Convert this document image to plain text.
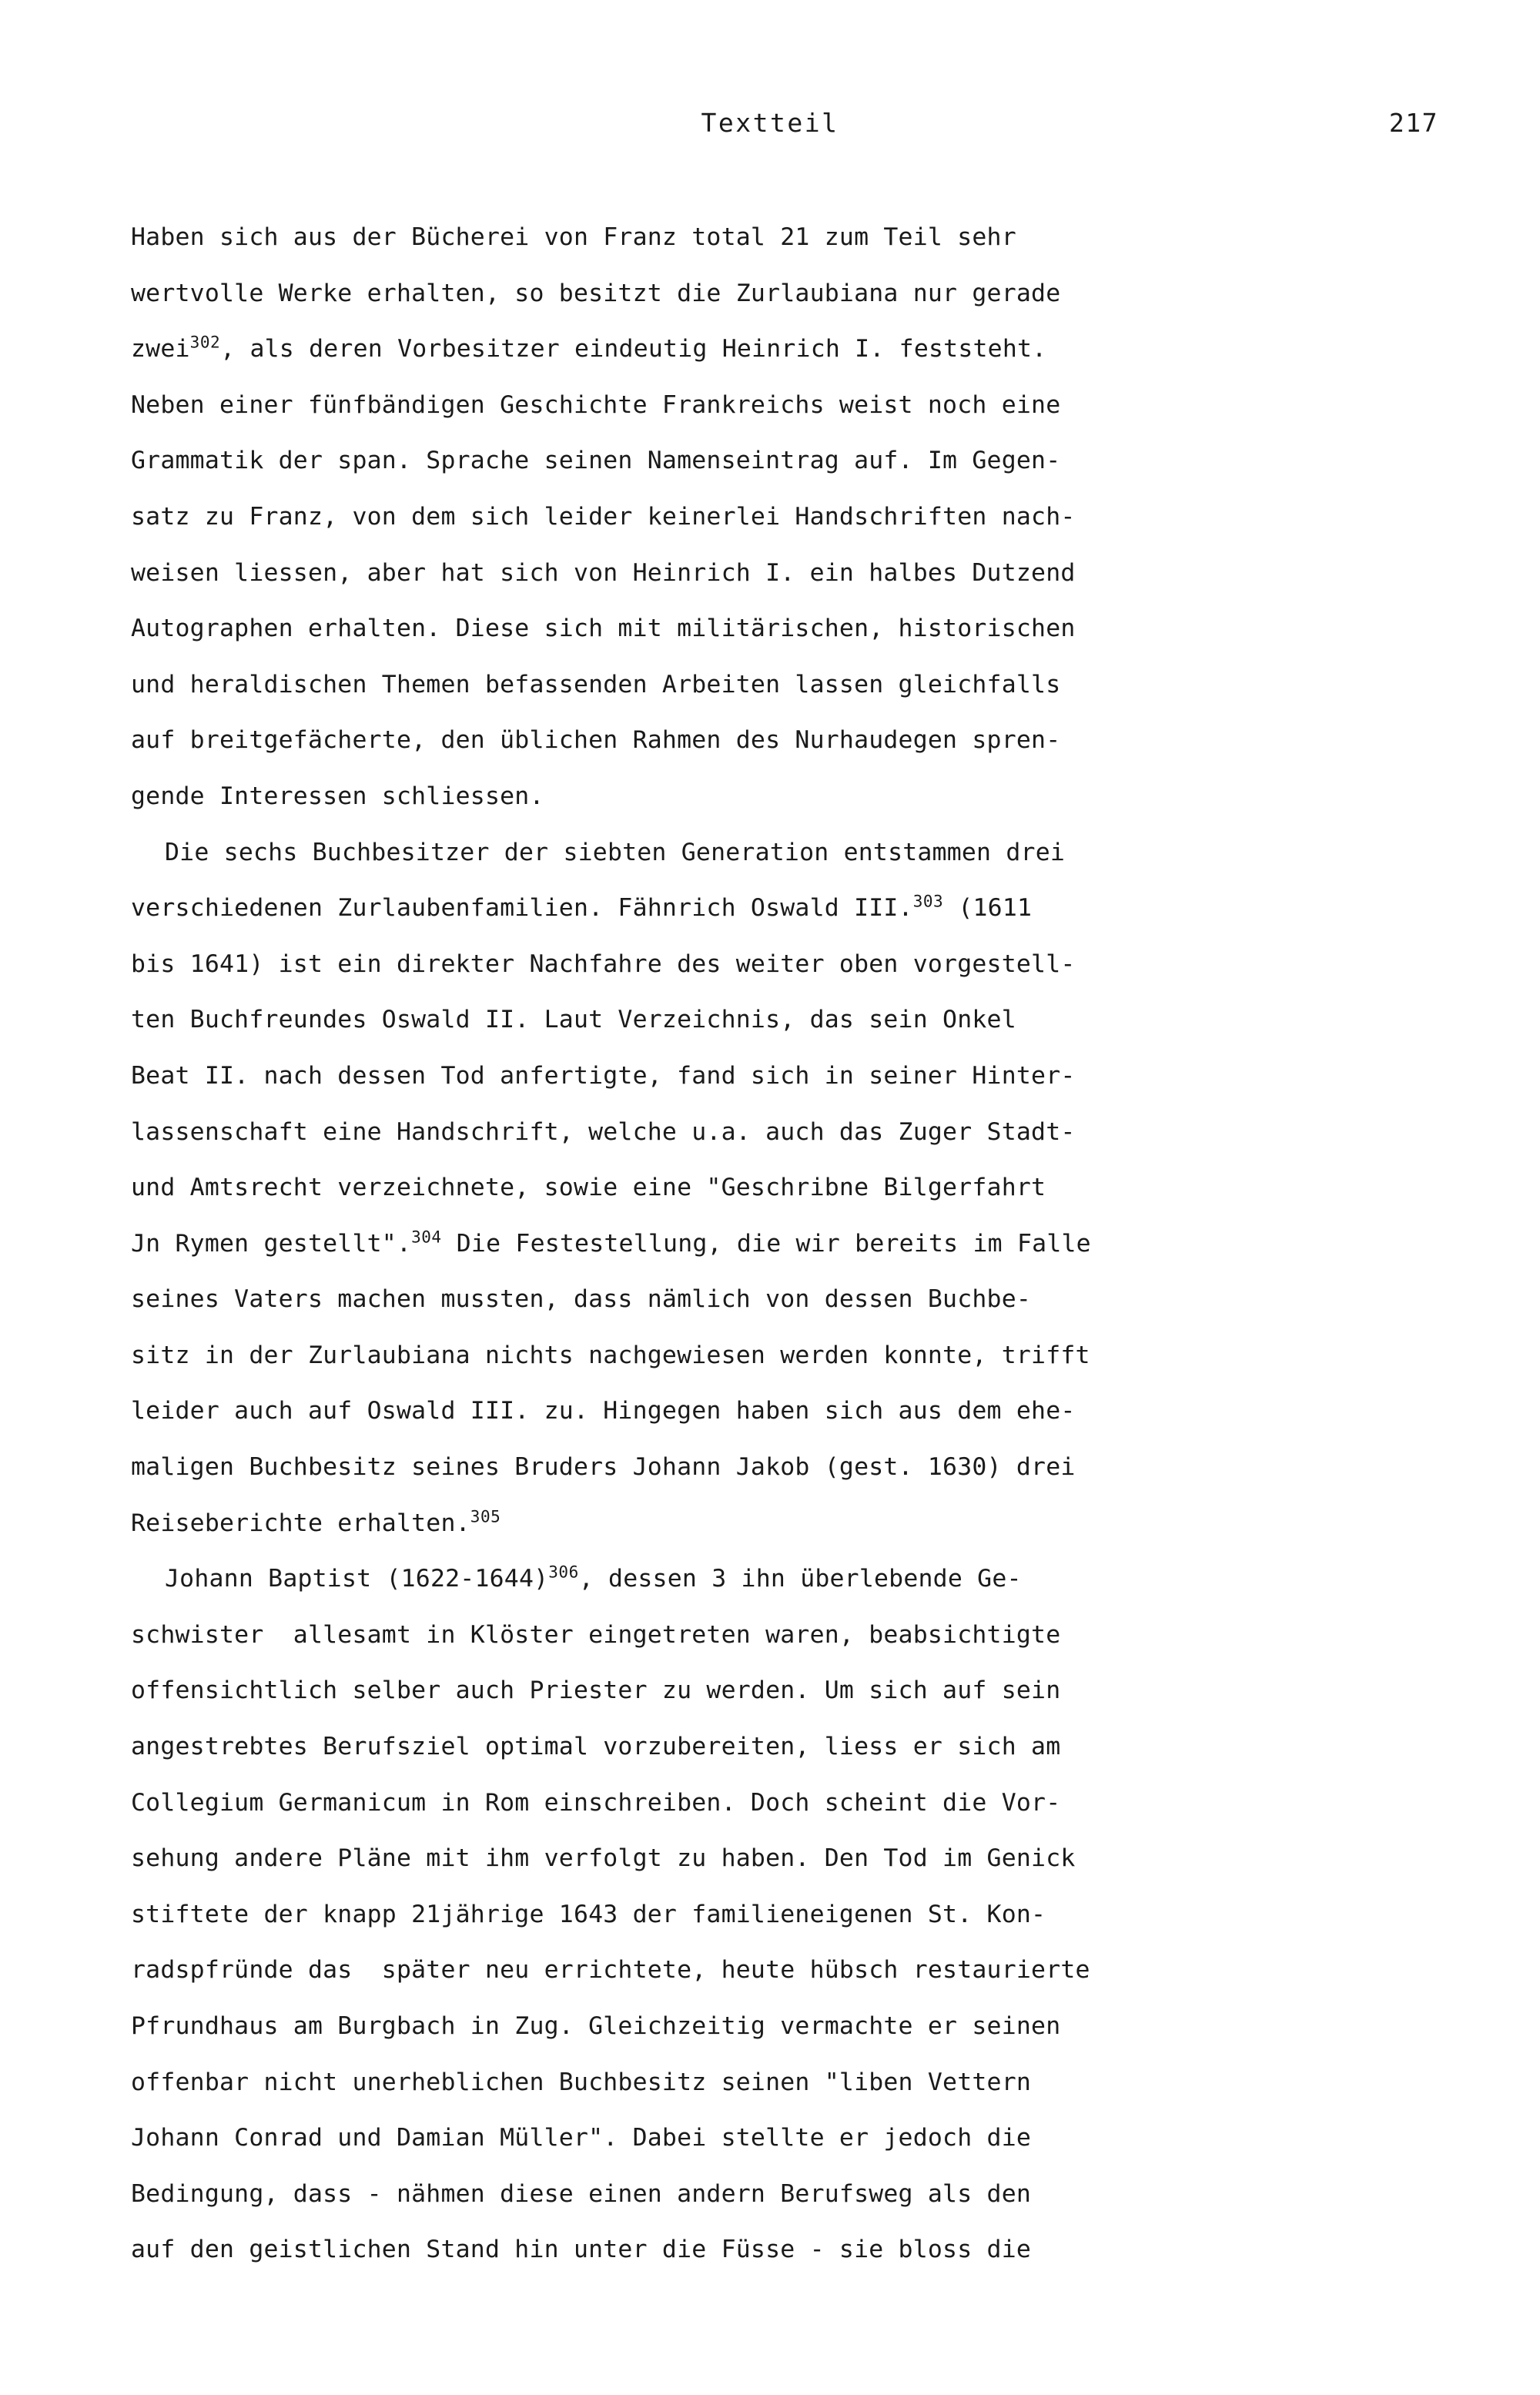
Textteil	217
Haben sich aus der Bücherei von Franz total 21 zum Teil sehr
wertvolle Werke erhalten, so besitzt die Zurlaubiana nur gerade
zwei$^{302}$, als deren Vorbesitzer eindeutig Heinrich I. feststeht.
Neben einer fünfbändigen Geschichte Frankreichs weist noch eine
Grammatik der span. Sprache seinen Namenseintrag auf. Im Gegen-
satz zu Franz, von dem sich leider keinerlei Handschriften nach-
weisen liessen, aber hat sich von Heinrich I. ein halbes Dutzend
Autographen erhalten. Diese sich mit militärischen, historischen
und heraldischen Themen befassenden Arbeiten lassen gleichfalls
auf breitgefächerte, den üblichen Rahmen des Nurhaudegen spren-
gende Interessen schliessen.
Die sechs Buchbesitzer der siebten Generation entstammen drei
verschiedenen Zurlaubenfamilien. Fähnrich Oswald III.$^{303}$ (1611
bis 1641) ist ein direkter Nachfahre des weiter oben vorgestell-
ten Buchfreundes Oswald II. Laut Verzeichnis, das sein Onkel
Beat II. nach dessen Tod anfertigte, fand sich in seiner Hinter-
lassenschaft eine Handschrift, welche u.a. auch das Zuger Stadt-
und Amtsrecht verzeichnete, sowie eine "Geschribne Bilgerfahrt
Jn Rymen gestellt".$^{304}$ Die Festestellung, die wir bereits im Falle
seines Vaters machen mussten, dass nämlich von dessen Buchbe-
sitz in der Zurlaubiana nichts nachgewiesen werden konnte, trifft
leider auch auf Oswald III. zu. Hingegen haben sich aus dem ehe-
maligen Buchbesitz seines Bruders Johann Jakob (gest. 1630) drei
Reiseberichte erhalten.$^{305}$
Johann Baptist (1622-1644)$^{306}$, dessen 3 ihn überlebende Ge-
schwister  allesamt in Klöster eingetreten waren, beabsichtigte
offensichtlich selber auch Priester zu werden. Um sich auf sein
angestrebtes Berufsziel optimal vorzubereiten, liess er sich am
Collegium Germanicum in Rom einschreiben. Doch scheint die Vor-
sehung andere Pläne mit ihm verfolgt zu haben. Den Tod im Genick
stiftete der knapp 21jährige 1643 der familieneigenen St. Kon-
radspfründe das  später neu errichtete, heute hübsch restaurierte
Pfrundhaus am Burgbach in Zug. Gleichzeitig vermachte er seinen
offenbar nicht unerheblichen Buchbesitz seinen "liben Vettern
Johann Conrad und Damian Müller". Dabei stellte er jedoch die
Bedingung, dass - nähmen diese einen andern Berufsweg als den
auf den geistlichen Stand hin unter die Füsse - sie bloss die
